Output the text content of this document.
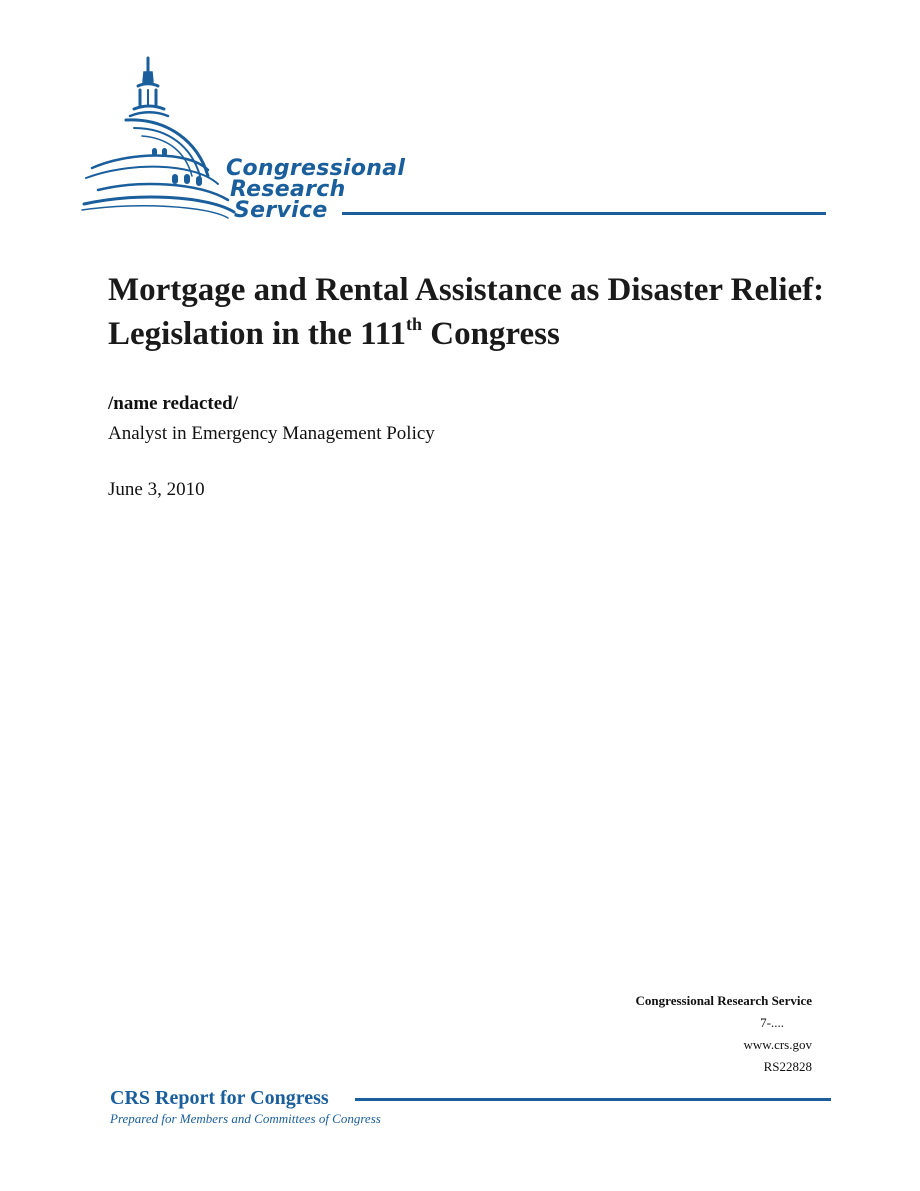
Congressional
Research
Service
Mortgage and Rental Assistance as Disaster Relief: Legislation in the 111th Congress
/name redacted/
Analyst in Emergency Management Policy
June 3, 2010
Congressional Research Service
7-....
www.crs.gov
RS22828
CRS Report for Congress
Prepared for Members and Committees of Congress
